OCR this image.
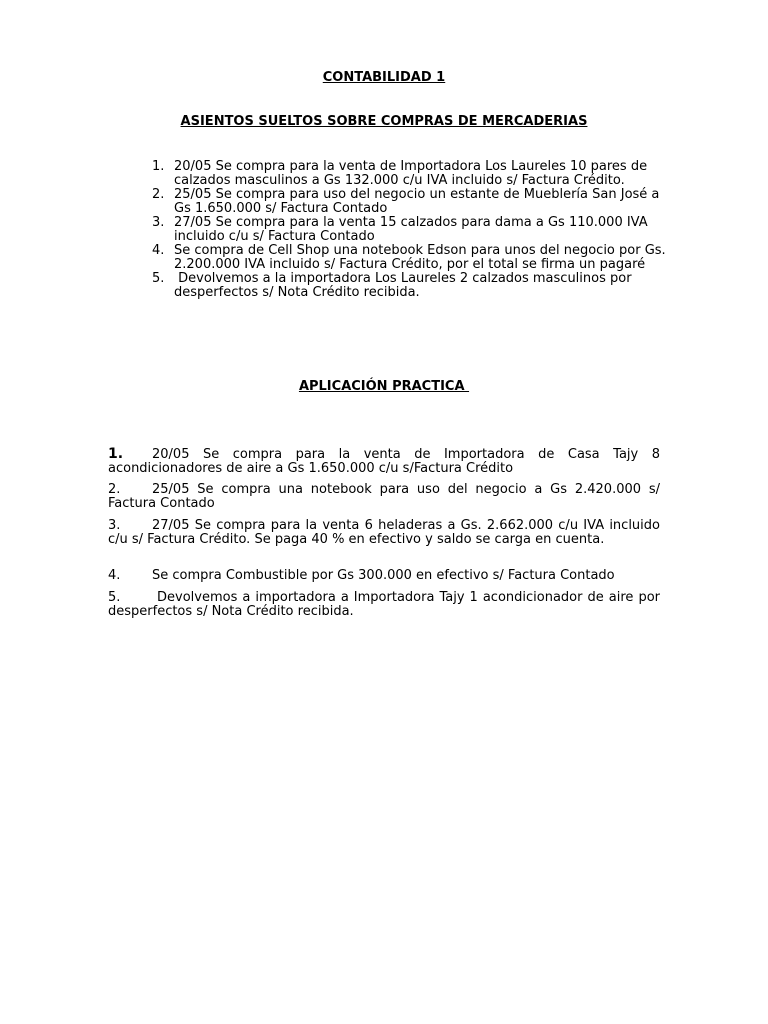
CONTABILIDAD 1
ASIENTOS SUELTOS SOBRE COMPRAS DE MERCADERIAS
1. 20/05 Se compra para la venta de Importadora Los Laureles 10 pares de calzados masculinos a Gs 132.000 c/u IVA incluido s/ Factura Crédito.
2. 25/05 Se compra para uso del negocio un estante de Mueblería San José a Gs 1.650.000 s/ Factura Contado
3. 27/05 Se compra para la venta 15 calzados para dama a Gs 110.000 IVA incluido c/u s/ Factura Contado
4. Se compra de Cell Shop una notebook Edson para unos del negocio por Gs. 2.200.000 IVA incluido s/ Factura Crédito, por el total se firma un pagaré
5. Devolvemos a la importadora Los Laureles 2 calzados masculinos por desperfectos s/ Nota Crédito recibida.
APLICACIÓN PRACTICA
1. 20/05 Se compra para la venta de Importadora de Casa Tajy 8 acondicionadores de aire a Gs 1.650.000 c/u s/Factura Crédito
2. 25/05 Se compra una notebook para uso del negocio a Gs 2.420.000 s/ Factura Contado
3. 27/05 Se compra para la venta 6 heladeras a Gs. 2.662.000 c/u IVA incluido c/u s/ Factura Crédito. Se paga 40 % en efectivo y saldo se carga en cuenta.
4. Se compra Combustible por Gs 300.000 en efectivo s/ Factura Contado
5. Devolvemos a importadora a Importadora Tajy 1 acondicionador de aire por desperfectos s/ Nota Crédito recibida.
